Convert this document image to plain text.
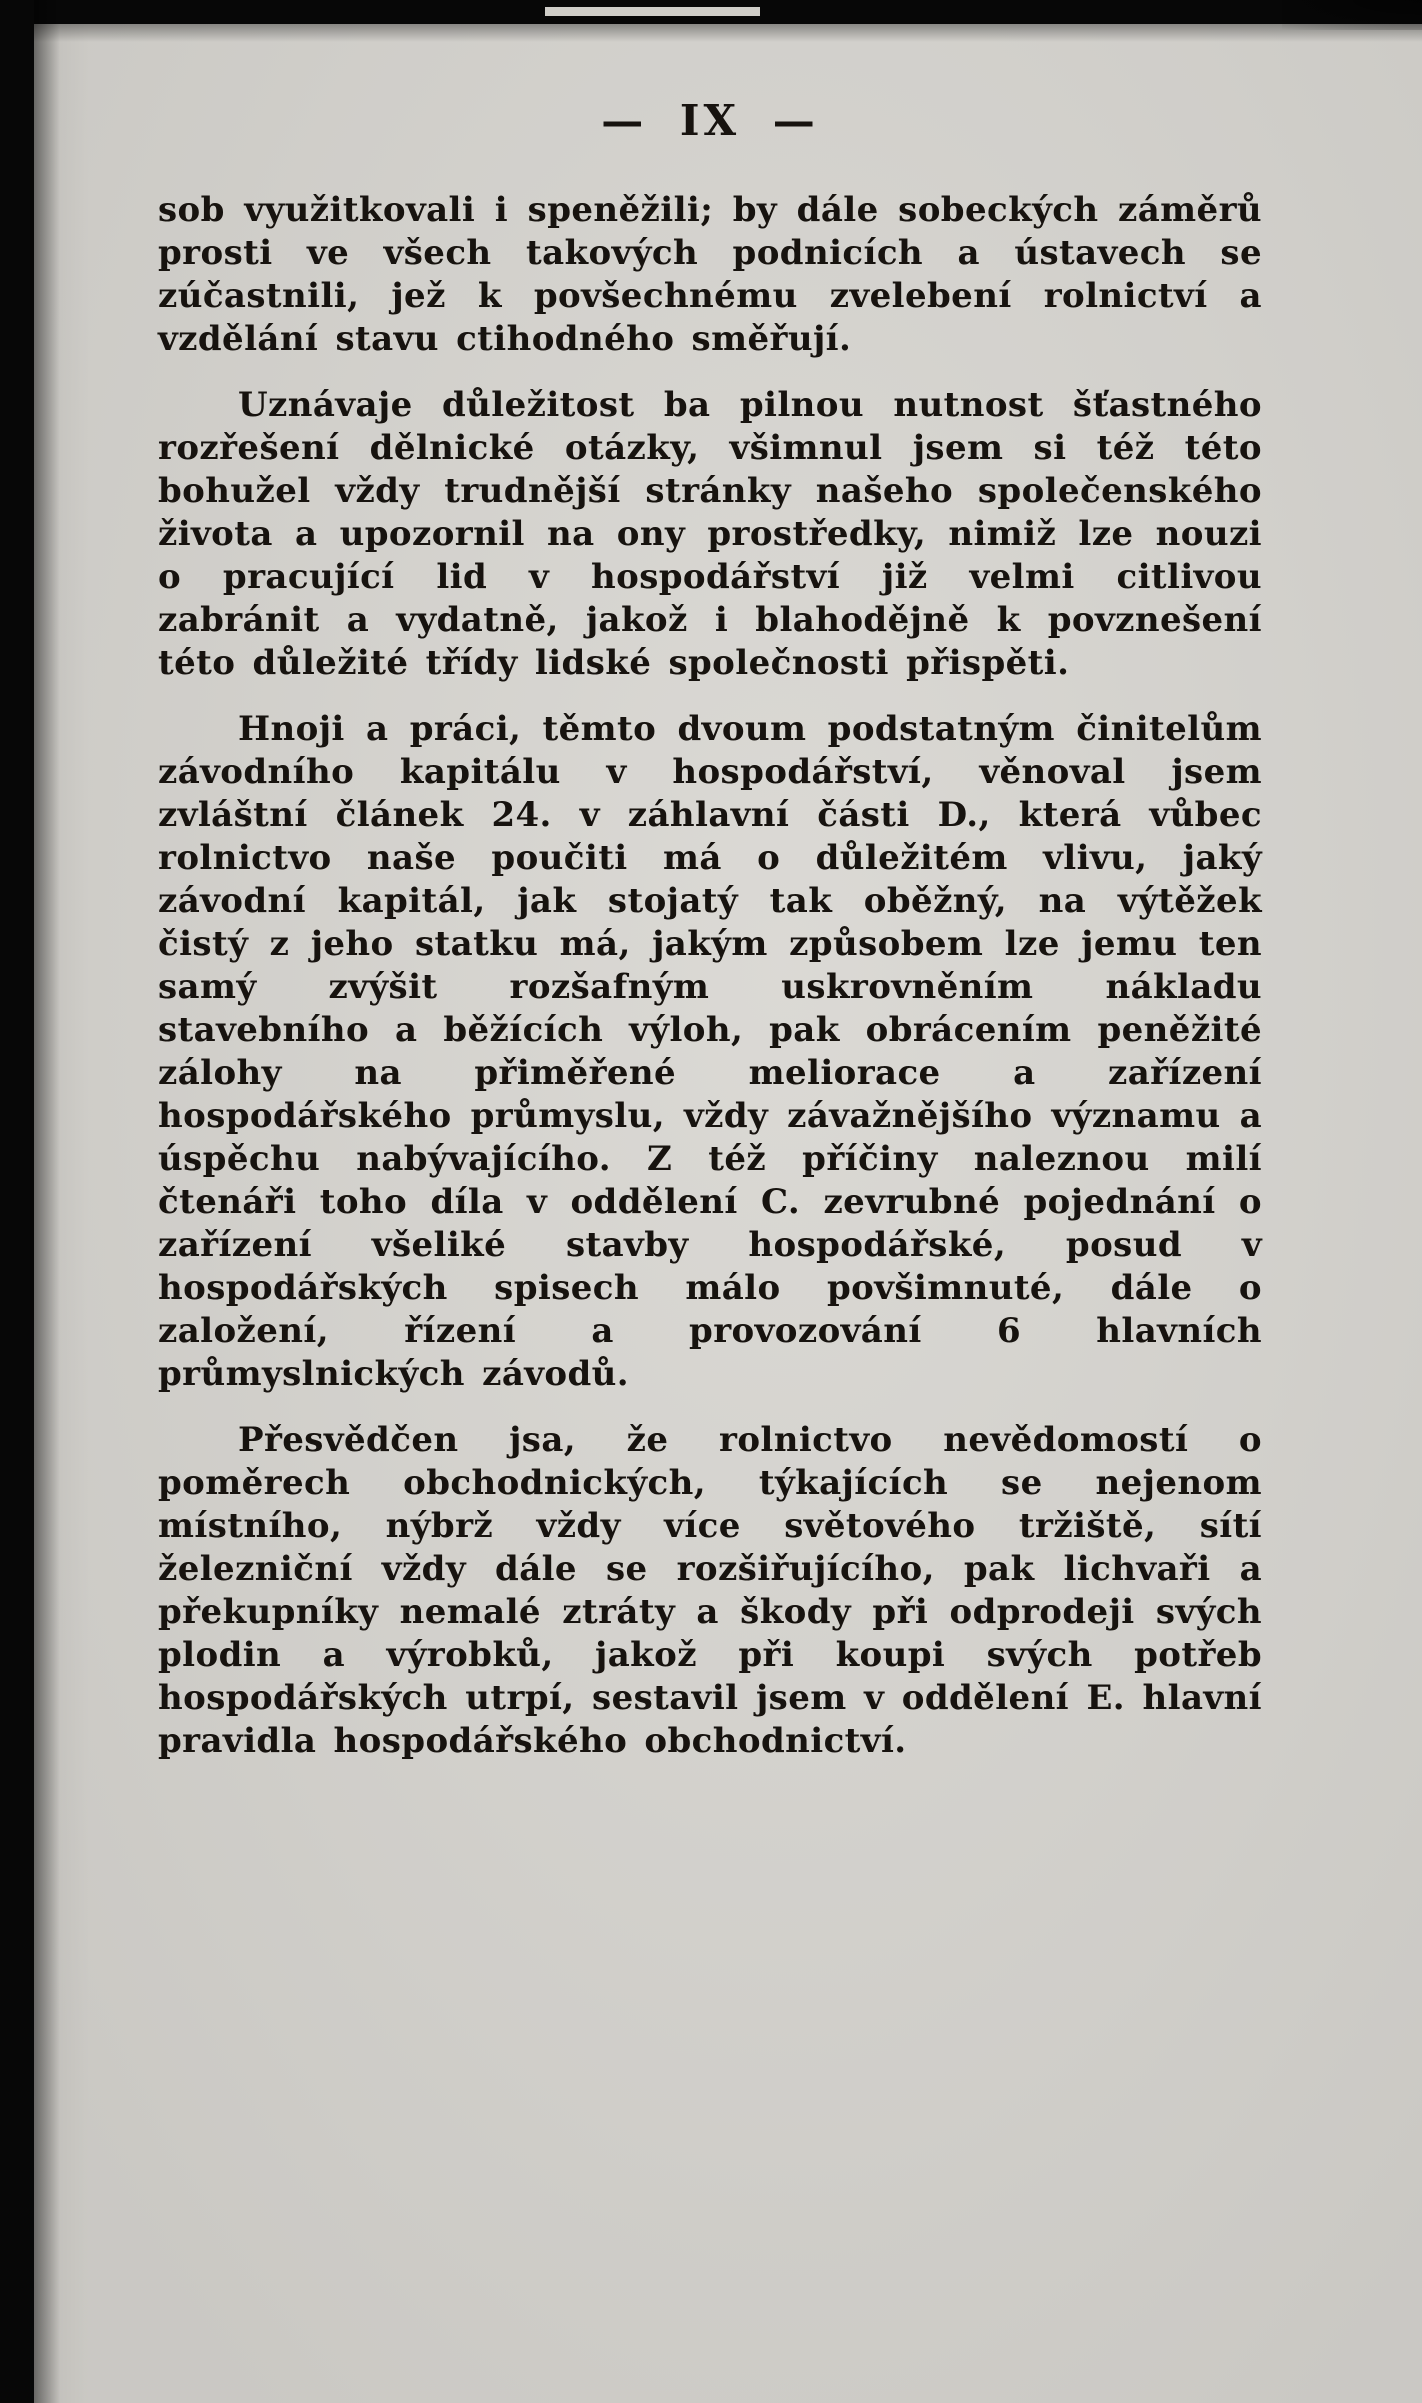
— IX —

sob využitkovali i speněžili; by dále sobeckých záměrů prosti ve všech takových podnicích a ústavech se zúčastnili, jež k povšechnému zvelebení rolnictví a vzdělání stavu ctihodného směřují.

Uznávaje důležitost ba pilnou nutnost šťastného rozřešení dělnické otázky, všimnul jsem si též této bohužel vždy trudnější stránky našeho společenského života a upozornil na ony prostředky, nimiž lze nouzi o pracující lid v hospodářství již velmi citlivou zabránit a vydatně, jakož i blahodějně k povznešení této důležité třídy lidské společnosti přispěti.

Hnoji a práci, těmto dvoum podstatným činitelům závodního kapitálu v hospodářství, věnoval jsem zvláštní článek 24. v záhlavní části D., která vůbec rolnictvo naše poučiti má o důležitém vlivu, jaký závodní kapitál, jak stojatý tak oběžný, na výtěžek čistý z jeho statku má, jakým způsobem lze jemu ten samý zvýšit rozšafným uskrovněním nákladu stavebního a běžících výloh, pak obrácením peněžité zálohy na přiměřené meliorace a zařízení hospodářského průmyslu, vždy závažnějšího významu a úspěchu nabývajícího. Z též příčiny naleznou milí čtenáři toho díla v oddělení C. zevrubné pojednání o zařízení všeliké stavby hospodářské, posud v hospodářských spisech málo povšimnuté, dále o založení, řízení a provozování 6 hlavních průmyslnických závodů.

Přesvědčen jsa, že rolnictvo nevědomostí o poměrech obchodnických, týkajících se nejenom místního, nýbrž vždy více světového tržiště, sítí železniční vždy dále se rozšiřujícího, pak lichvaři a překupníky nemalé ztráty a škody při odprodeji svých plodin a výrobků, jakož při koupi svých potřeb hospodářských utrpí, sestavil jsem v oddělení E. hlavní pravidla hospodářského obchodnictví.
